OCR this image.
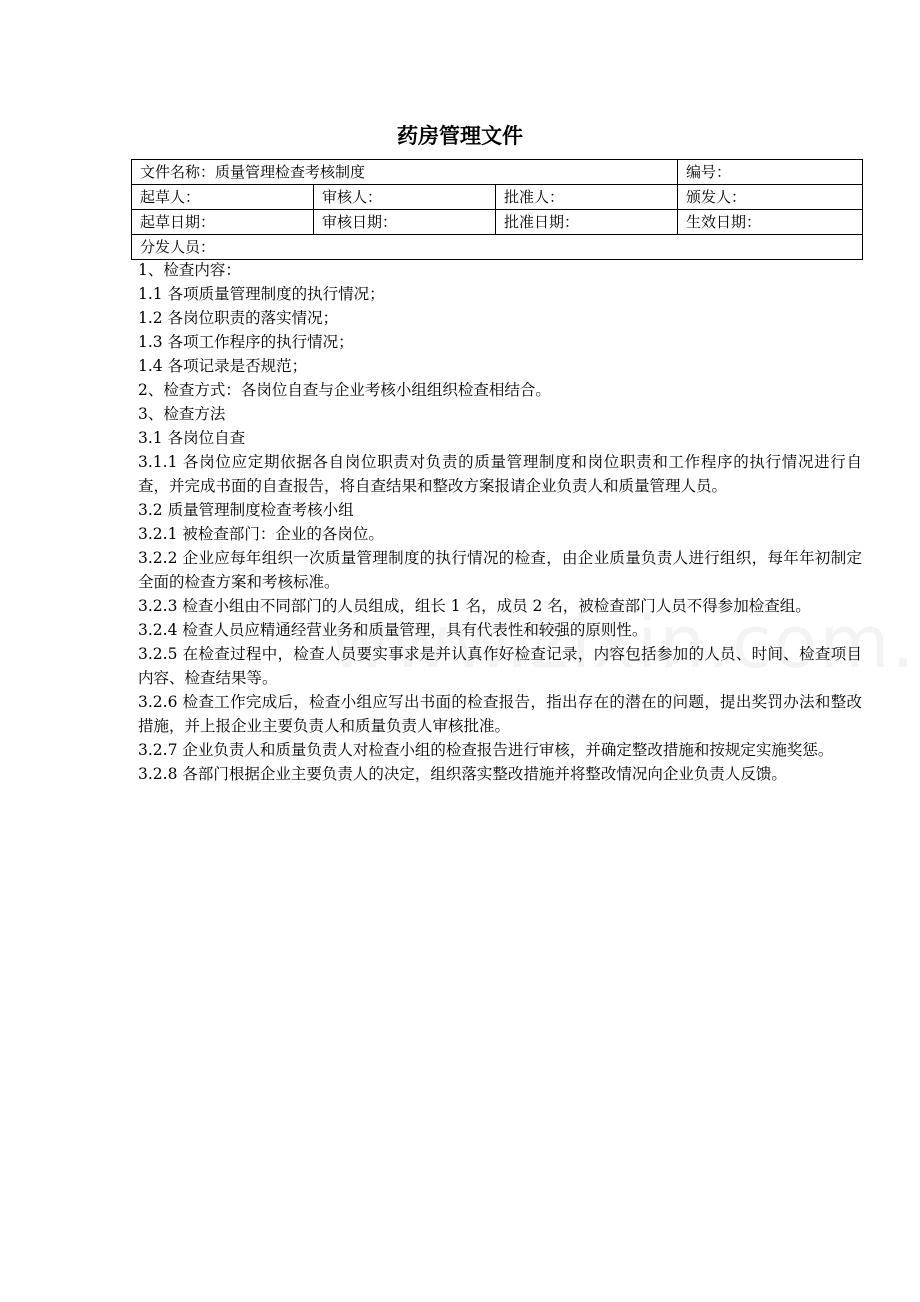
药房管理文件
文件名称：质量管理检查考核制度			编号：
起草人：	审核人：	批准人：	颁发人：
起草日期：	审核日期：	批准日期：	生效日期：
分发人员：			

1、检查内容：

1.1 各项质量管理制度的执行情况；

1.2 各岗位职责的落实情况；

1.3 各项工作程序的执行情况；

1.4 各项记录是否规范；

2、检查方式：各岗位自查与企业考核小组组织检查相结合。

3、检查方法

3.1 各岗位自查

3.1.1 各岗位应定期依据各自岗位职责对负责的质量管理制度和岗位职责和工作程序的执行情况进行自查，并完成书面的自查报告，将自查结果和整改方案报请企业负责人和质量管理人员。

3.2 质量管理制度检查考核小组

3.2.1 被检查部门：企业的各岗位。

3.2.2 企业应每年组织一次质量管理制度的执行情况的检查，由企业质量负责人进行组织，每年年初制定全面的检查方案和考核标准。

3.2.3 检查小组由不同部门的人员组成，组长 1 名，成员 2 名，被检查部门人员不得参加检查组。

3.2.4 检查人员应精通经营业务和质量管理，具有代表性和较强的原则性。

3.2.5 在检查过程中，检查人员要实事求是并认真作好检查记录，内容包括参加的人员、时间、检查项目内容、检查结果等。

3.2.6 检查工作完成后，检查小组应写出书面的检查报告，指出存在的潜在的问题，提出奖罚办法和整改措施，并上报企业主要负责人和质量负责人审核批准。

3.2.7 企业负责人和质量负责人对检查小组的检查报告进行审核，并确定整改措施和按规定实施奖惩。

3.2.8 各部门根据企业主要负责人的决定，组织落实整改措施并将整改情况向企业负责人反馈。
